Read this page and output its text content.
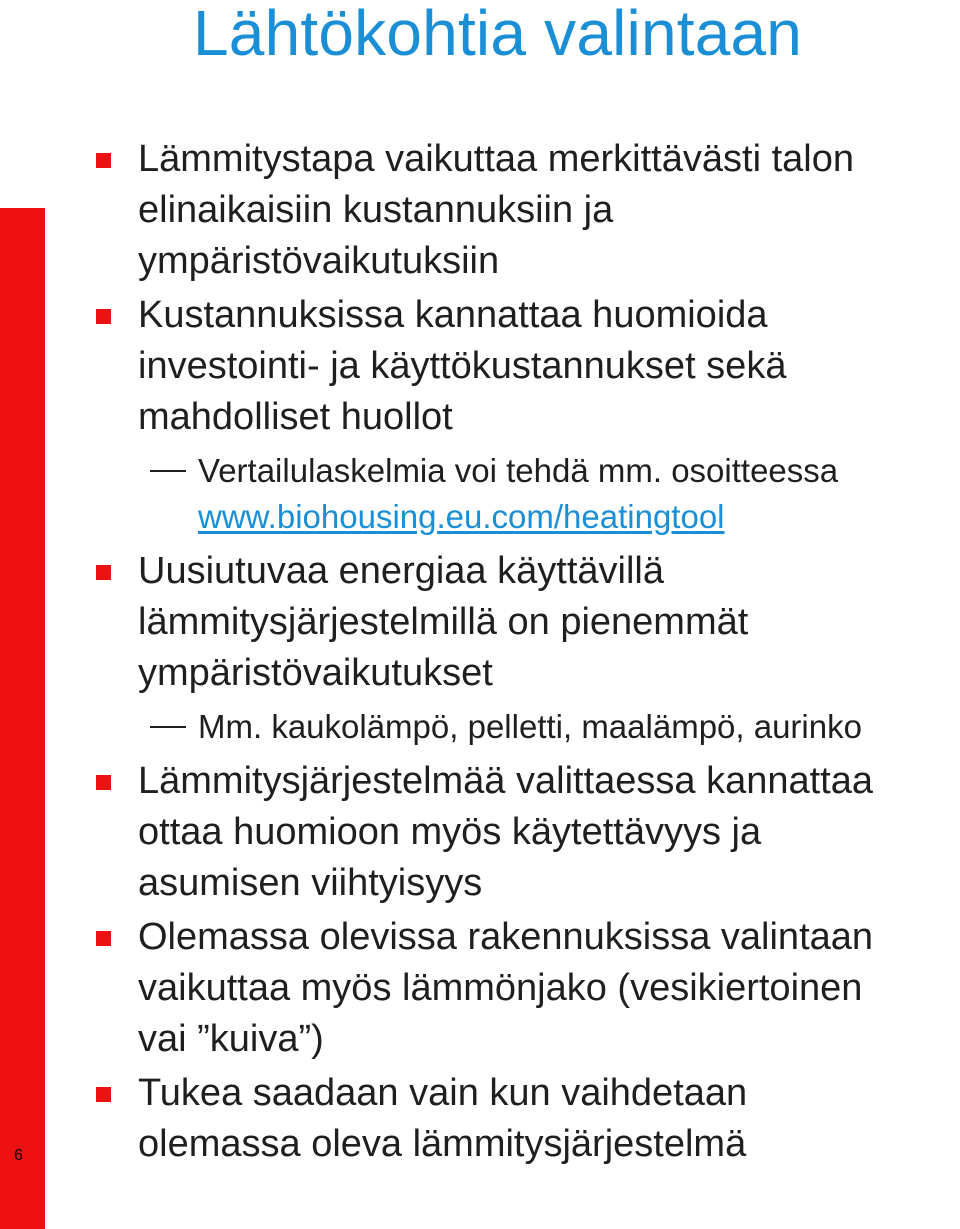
6
Lähtökohtia valintaan
Lämmitystapa vaikuttaa merkittävästi talon
elinaikaisiin kustannuksiin ja
ympäristövaikutuksiin
Kustannuksissa kannattaa huomioida
investointi- ja käyttökustannukset sekä
mahdolliset huollot
Vertailulaskelmia voi tehdä mm. osoitteessa
www.biohousing.eu.com/heatingtool
Uusiutuvaa energiaa käyttävillä
lämmitysjärjestelmillä on pienemmät
ympäristövaikutukset
Mm. kaukolämpö, pelletti, maalämpö, aurinko
Lämmitysjärjestelmää valittaessa kannattaa
ottaa huomioon myös käytettävyys ja
asumisen viihtyisyys
Olemassa olevissa rakennuksissa valintaan
vaikuttaa myös lämmönjako (vesikiertoinen
vai ”kuiva”)
Tukea saadaan vain kun vaihdetaan
olemassa oleva lämmitysjärjestelmä
